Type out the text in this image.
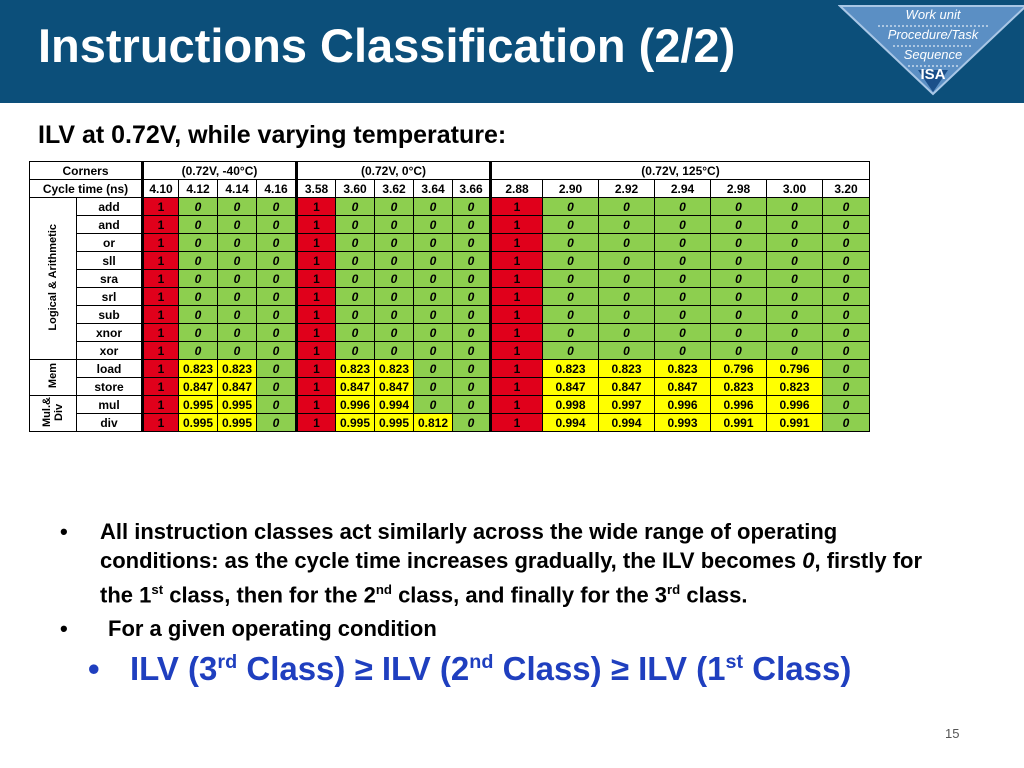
Instructions Classification (2/2)
Work unit
Procedure/Task
Sequence
ISA
ILV at 0.72V, while varying temperature:
Corners		(0.72V, -40°C)				(0.72V, 0°C)					(0.72V, 125°C)						
Cycle time (ns)		4.10	4.12	4.14	4.16	3.58	3.60	3.62	3.64	3.66	2.88	2.90	2.92	2.94	2.98	3.00	3.20
Logical & Arithmetic	add	1	0	0	0	1	0	0	0	0	1	0	0	0	0	0	0
	and	1	0	0	0	1	0	0	0	0	1	0	0	0	0	0	0
	or	1	0	0	0	1	0	0	0	0	1	0	0	0	0	0	0
	sll	1	0	0	0	1	0	0	0	0	1	0	0	0	0	0	0
	sra	1	0	0	0	1	0	0	0	0	1	0	0	0	0	0	0
	srl	1	0	0	0	1	0	0	0	0	1	0	0	0	0	0	0
	sub	1	0	0	0	1	0	0	0	0	1	0	0	0	0	0	0
	xnor	1	0	0	0	1	0	0	0	0	1	0	0	0	0	0	0
	xor	1	0	0	0	1	0	0	0	0	1	0	0	0	0	0	0
Mem	load	1	0.823	0.823	0	1	0.823	0.823	0	0	1	0.823	0.823	0.823	0.796	0.796	0
	store	1	0.847	0.847	0	1	0.847	0.847	0	0	1	0.847	0.847	0.847	0.823	0.823	0
Mul.& Div	mul	1	0.995	0.995	0	1	0.996	0.994	0	0	1	0.998	0.997	0.996	0.996	0.996	0
	div	1	0.995	0.995	0	1	0.995	0.995	0.812	0	1	0.994	0.994	0.993	0.991	0.991	0
• All instruction classes act similarly across the wide range of operating conditions: as the cycle time increases gradually, the ILV becomes 0, firstly for the 1st class, then for the 2nd class, and finally for the 3rd class.
• For a given operating condition
• ILV (3rd Class) ≥ ILV (2nd Class) ≥ ILV (1st Class)
15
